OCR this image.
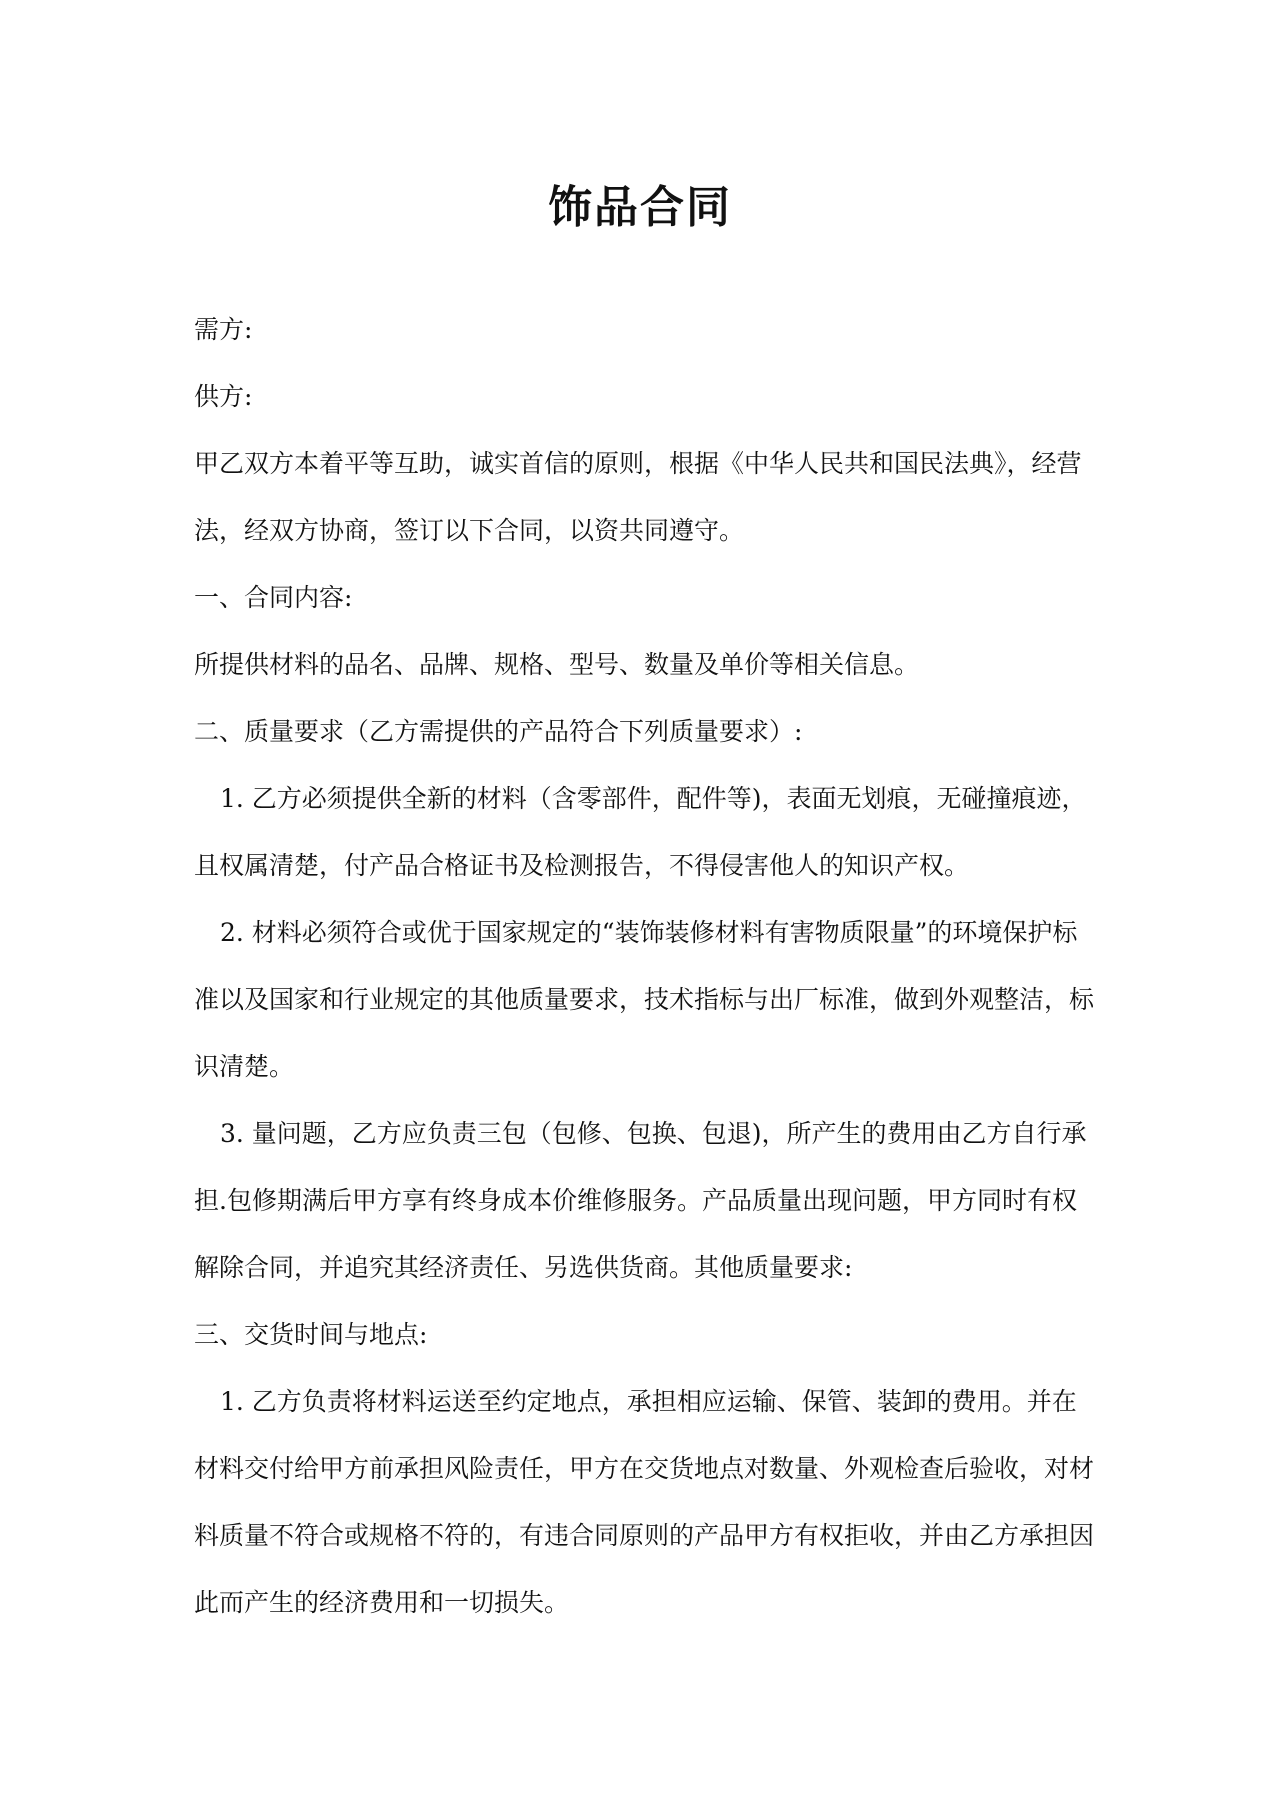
饰品合同

需方:

供方:

甲乙双方本着平等互助，诚实首信的原则，根据《中华人民共和国民法典》，经营法，经双方协商，签订以下合同，以资共同遵守。

一、合同内容:

所提供材料的品名、品牌、规格、型号、数量及单价等相关信息。

二、质量要求（乙方需提供的产品符合下列质量要求）:

1. 乙方必须提供全新的材料（含零部件，配件等)，表面无划痕，无碰撞痕迹，且权属清楚，付产品合格证书及检测报告，不得侵害他人的知识产权。

2. 材料必须符合或优于国家规定的“装饰装修材料有害物质限量”的环境保护标准以及国家和行业规定的其他质量要求，技术指标与出厂标准，做到外观整洁，标识清楚。

3. 量问题，乙方应负责三包（包修、包换、包退)，所产生的费用由乙方自行承担.包修期满后甲方享有终身成本价维修服务。产品质量出现问题，甲方同时有权解除合同，并追究其经济责任、另选供货商。其他质量要求:

三、交货时间与地点:

1. 乙方负责将材料运送至约定地点，承担相应运输、保管、装卸的费用。并在材料交付给甲方前承担风险责任，甲方在交货地点对数量、外观检查后验收，对材料质量不符合或规格不符的，有违合同原则的产品甲方有权拒收，并由乙方承担因此而产生的经济费用和一切损失。
